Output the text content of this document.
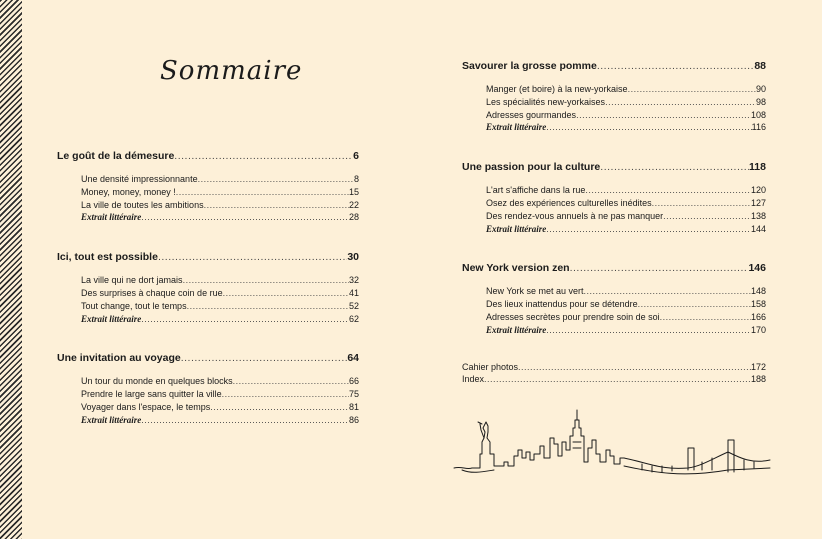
Sommaire
Le goût de la démesure .....	6
Une densité impressionnante .....	8
Money, money, money ! .....	15
La ville de toutes les ambitions .....	22
Extrait littéraire .....	28
Ici, tout est possible .....	30
La ville qui ne dort jamais .....	32
Des surprises à chaque coin de rue .....	41
Tout change, tout le temps .....	52
Extrait littéraire .....	62
Une invitation au voyage .....	64
Un tour du monde en quelques blocks .....	66
Prendre le large sans quitter la ville .....	75
Voyager dans l'espace, le temps .....	81
Extrait littéraire .....	86
Savourer la grosse pomme .....	88
Manger (et boire) à la new-yorkaise .....	90
Les spécialités new-yorkaises .....	98
Adresses gourmandes .....	108
Extrait littéraire .....	116
Une passion pour la culture .....	118
L'art s'affiche dans la rue .....	120
Osez des expériences culturelles inédites .....	127
Des rendez-vous annuels à ne pas manquer .....	138
Extrait littéraire .....	144
New York version zen .....	146
New York se met au vert .....	148
Des lieux inattendus pour se détendre .....	158
Adresses secrètes pour prendre soin de soi .....	166
Extrait littéraire .....	170
Cahier photos .....	172
Index .....	188
